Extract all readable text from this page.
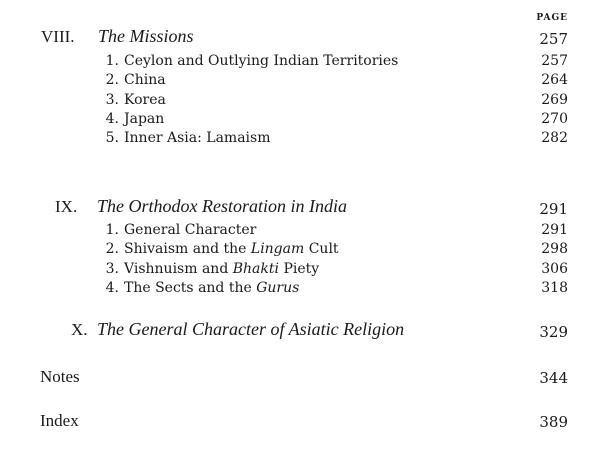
PAGE
VIII. The Missions	257
1. Ceylon and Outlying Indian Territories	257
2. China	264
3. Korea	269
4. Japan	270
5. Inner Asia: Lamaism	282
IX. The Orthodox Restoration in India	291
1. General Character	291
2. Shivaism and the Lingam Cult	298
3. Vishnuism and Bhakti Piety	306
4. The Sects and the Gurus	318
X. The General Character of Asiatic Religion	329
Notes	344
Index	389
